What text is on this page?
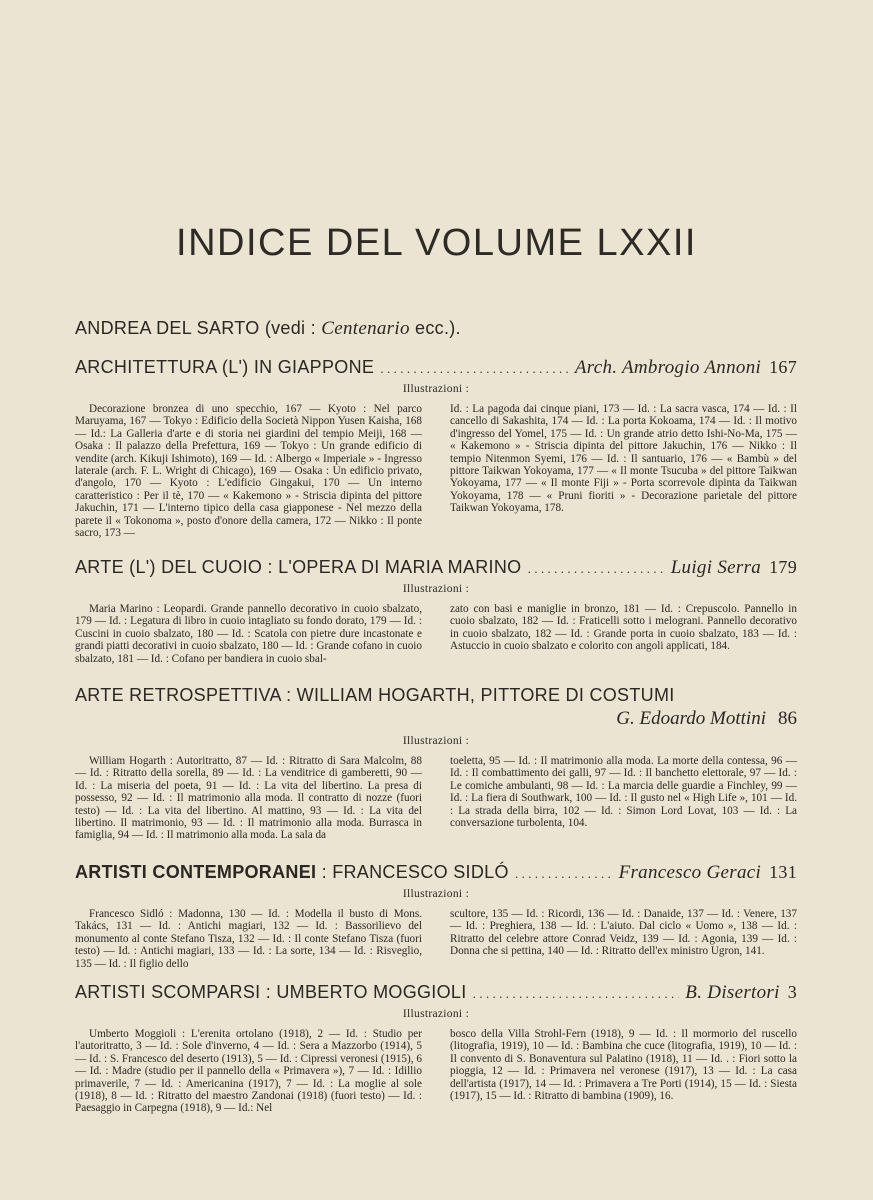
INDICE DEL VOLUME LXXII
ANDREA DEL SARTO (vedi : Centenario ecc.).
ARCHITETTURA (L') IN GIAPPONE .....	Arch. Ambrogio Annoni 167
Illustrazioni :

Decorazione bronzea di uno specchio, 167 — Kyoto : Nel parco Maruyama, 167 — Tokyo : Edificio della Società Nippon Yusen Kaisha, 168 — Id.: La Galleria d'arte e di storia nei giardini del tempio Meiji, 168 — Osaka : Il palazzo della Prefettura, 169 — Tokyo : Un grande edificio di vendite (arch. Kikuji Ishimoto), 169 — Id. : Albergo « Imperiale » - Ingresso laterale (arch. F. L. Wright di Chicago), 169 — Osaka : Un edificio privato, d'angolo, 170 — Kyoto : L'edificio Gingakui, 170 — Un interno caratteristico : Per il tè, 170 — « Kakemono » - Striscia dipinta del pittore Jakuchin, 171 — L'interno tipico della casa giapponese - Nel mezzo della parete il « Tokonoma », posto d'onore della camera, 172 — Nikko : Il ponte sacro, 173 —

Id. : La pagoda dai cinque piani, 173 — Id. : La sacra vasca, 174 — Id. : Il cancello di Sakashita, 174 — Id. : La porta Kokoama, 174 — Id. : Il motivo d'ingresso del Yomel, 175 — Id. : Un grande atrio detto Ishi-No-Ma, 175 — « Kakemono » - Striscia dipinta del pittore Jakuchin, 176 — Nikko : Il tempio Nitenmon Syemi, 176 — Id. : Il santuario, 176 — « Bambù » del pittore Taikwan Yokoyama, 177 — « Il monte Tsucuba » del pittore Taikwan Yokoyama, 177 — « Il monte Fiji » - Porta scorrevole dipinta da Taikwan Yokoyama, 178 — « Pruni fioriti » - Decorazione parietale del pittore Taikwan Yokoyama, 178.

ARTE (L') DEL CUOIO : L'OPERA DI MARIA MARINO .....	Luigi Serra 179
Illustrazioni :

Maria Marino : Leopardi. Grande pannello decorativo in cuoio sbalzato, 179 — Id. : Legatura di libro in cuoio intagliato su fondo dorato, 179 — Id. : Cuscini in cuoio sbalzato, 180 — Id. : Scatola con pietre dure incastonate e grandi piatti decorativi in cuoio sbalzato, 180 — Id. : Grande cofano in cuoio sbalzato, 181 — Id. : Cofano per bandiera in cuoio sbal-

zato con basi e maniglie in bronzo, 181 — Id. : Crepuscolo. Pannello in cuoio sbalzato, 182 — Id. : Fraticelli sotto i melograni. Pannello decorativo in cuoio sbalzato, 182 — Id. : Grande porta in cuoio sbalzato, 183 — Id. : Astuccio in cuoio sbalzato e colorito con angoli applicati, 184.

ARTE RETROSPETTIVA : WILLIAM HOGARTH, PITTORE DI COSTUMI
G. Edoardo Mottini 86
Illustrazioni :

William Hogarth : Autoritratto, 87 — Id. : Ritratto di Sara Malcolm, 88 — Id. : Ritratto della sorella, 89 — Id. : La venditrice di gamberetti, 90 — Id. : La miseria del poeta, 91 — Id. : La vita del libertino. La presa di possesso, 92 — Id. : Il matrimonio alla moda. Il contratto di nozze (fuori testo) — Id. : La vita del libertino. Al mattino, 93 — Id. : La vita del libertino. Il matrimonio, 93 — Id. : Il matrimonio alla moda. Burrasca in famiglia, 94 — Id. : Il matrimonio alla moda. La sala da

toeletta, 95 — Id. : Il matrimonio alla moda. La morte della contessa, 96 — Id. : Il combattimento dei galli, 97 — Id. : Il banchetto elettorale, 97 — Id. : Le comiche ambulanti, 98 — Id. : La marcia delle guardie a Finchley, 99 — Id. : La fiera di Southwark, 100 — Id. : Il gusto nel « High Life », 101 — Id. : La strada della birra, 102 — Id. : Simon Lord Lovat, 103 — Id. : La conversazione turbolenta, 104.

ARTISTI CONTEMPORANEI : FRANCESCO SIDLÓ .....	Francesco Geraci 131
Illustrazioni :

Francesco Sidló : Madonna, 130 — Id. : Modella il busto di Mons. Takács, 131 — Id. : Antichi magiari, 132 — Id. : Bassorilievo del monumento al conte Stefano Tisza, 132 — Id. : Il conte Stefano Tisza (fuori testo) — Id. : Antichi magiari, 133 — Id. : La sorte, 134 — Id. : Risveglio, 135 — Id. : Il figlio dello

scultore, 135 — Id. : Ricordi, 136 — Id. : Danaide, 137 — Id. : Venere, 137 — Id. : Preghiera, 138 — Id. : L'aiuto. Dal ciclo « Uomo », 138 — Id. : Ritratto del celebre attore Conrad Veidz, 139 — Id. : Agonia, 139 — Id. : Donna che si pettina, 140 — Id. : Ritratto dell'ex ministro Ugron, 141.

ARTISTI SCOMPARSI : UMBERTO MOGGIOLI .....	B. Disertori 3
Illustrazioni :

Umberto Moggioli : L'erenita ortolano (1918), 2 — Id. : Studio per l'autoritratto, 3 — Id. : Sole d'inverno, 4 — Id. : Sera a Mazzorbo (1914), 5 — Id. : S. Francesco del deserto (1913), 5 — Id. : Cipressi veronesi (1915), 6 — Id. : Madre (studio per il pannello della « Primavera »), 7 — Id. : Idillio primaverile, 7 — Id. : Americanina (1917), 7 — Id. : La moglie al sole (1918), 8 — Id. : Ritratto del maestro Zandonai (1918) (fuori testo) — Id. : Paesaggio in Carpegna (1918), 9 — Id.: Nel

bosco della Villa Strohl-Fern (1918), 9 — Id. : Il mormorio del ruscello (litografia, 1919), 10 — Id. : Bambina che cuce (litografia, 1919), 10 — Id. : Il convento di S. Bonaventura sul Palatino (1918), 11 — Id. . : Fiori sotto la pioggia, 12 — Id. : Primavera nel veronese (1917), 13 — Id. : La casa dell'artista (1917), 14 — Id. : Primavera a Tre Porti (1914), 15 — Id. : Siesta (1917), 15 — Id. : Ritratto di bambina (1909), 16.
